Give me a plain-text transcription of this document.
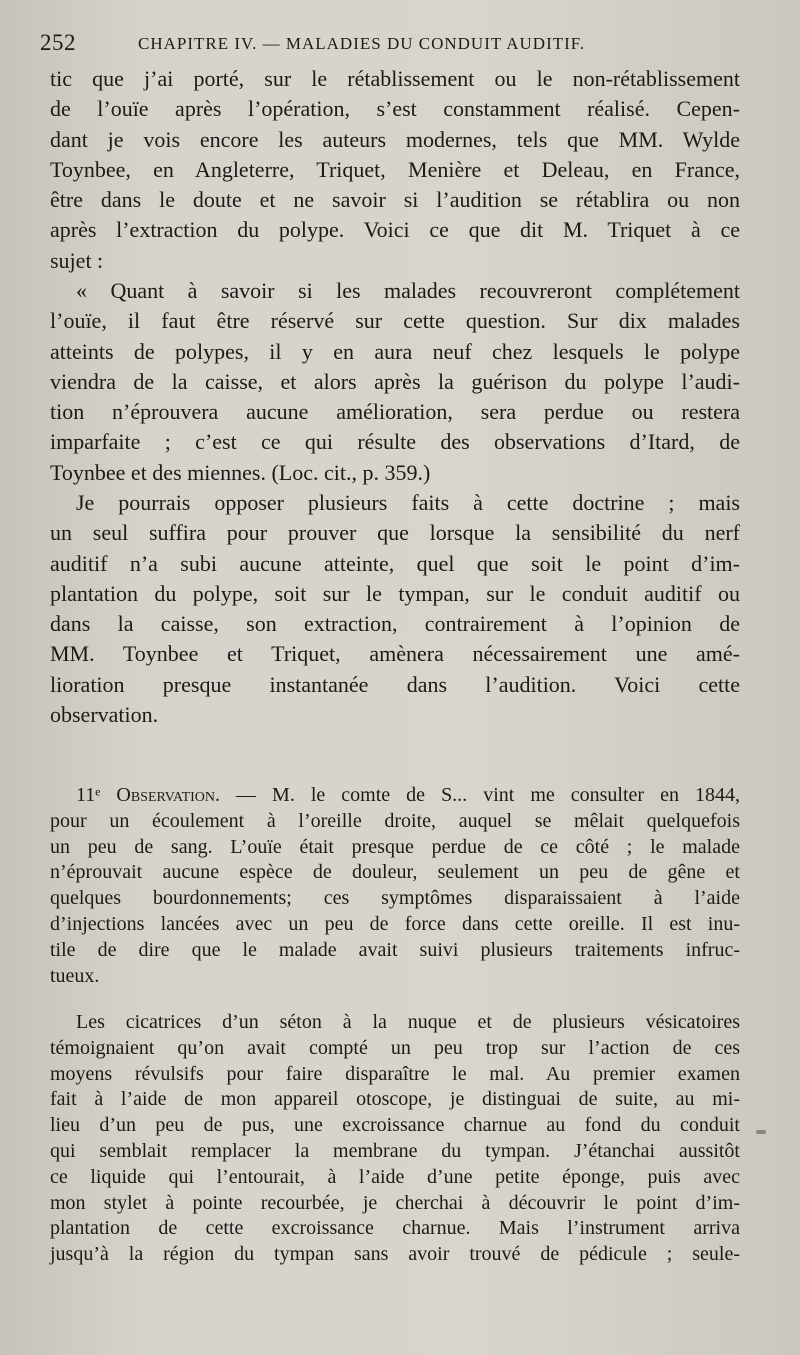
252	CHAPITRE IV. — MALADIES DU CONDUIT AUDITIF.
tic que j’ai porté, sur le rétablissement ou le non-rétablissement
de l’ouïe après l’opération, s’est constamment réalisé. Cepen-
dant je vois encore les auteurs modernes, tels que MM. Wylde
Toynbee, en Angleterre, Triquet, Menière et Deleau, en France,
être dans le doute et ne savoir si l’audition se rétablira ou non
après l’extraction du polype. Voici ce que dit M. Triquet à ce
sujet :
« Quant à savoir si les malades recouvreront complétement
l’ouïe, il faut être réservé sur cette question. Sur dix malades
atteints de polypes, il y en aura neuf chez lesquels le polype
viendra de la caisse, et alors après la guérison du polype l’audi-
tion n’éprouvera aucune amélioration, sera perdue ou restera
imparfaite ; c’est ce qui résulte des observations d’Itard, de
Toynbee et des miennes. (Loc. cit., p. 359.)
Je pourrais opposer plusieurs faits à cette doctrine ; mais
un seul suffira pour prouver que lorsque la sensibilité du nerf
auditif n’a subi aucune atteinte, quel que soit le point d’im-
plantation du polype, soit sur le tympan, sur le conduit auditif ou
dans la caisse, son extraction, contrairement à l’opinion de
MM. Toynbee et Triquet, amènera nécessairement une amé-
lioration presque instantanée dans l’audition. Voici cette
observation.
11ᵉ Observation. — M. le comte de S... vint me consulter en 1844,
pour un écoulement à l’oreille droite, auquel se mêlait quelquefois
un peu de sang. L’ouïe était presque perdue de ce côté ; le malade
n’éprouvait aucune espèce de douleur, seulement un peu de gêne et
quelques bourdonnements; ces symptômes disparaissaient à l’aide
d’injections lancées avec un peu de force dans cette oreille. Il est inu-
tile de dire que le malade avait suivi plusieurs traitements infruc-
tueux.
Les cicatrices d’un séton à la nuque et de plusieurs vésicatoires
témoignaient qu’on avait compté un peu trop sur l’action de ces
moyens révulsifs pour faire disparaître le mal. Au premier examen
fait à l’aide de mon appareil otoscope, je distinguai de suite, au mi-
lieu d’un peu de pus, une excroissance charnue au fond du conduit
qui semblait remplacer la membrane du tympan. J’étanchai aussitôt
ce liquide qui l’entourait, à l’aide d’une petite éponge, puis avec
mon stylet à pointe recourbée, je cherchai à découvrir le point d’im-
plantation de cette excroissance charnue. Mais l’instrument arriva
jusqu’à la région du tympan sans avoir trouvé de pédicule ; seule-
